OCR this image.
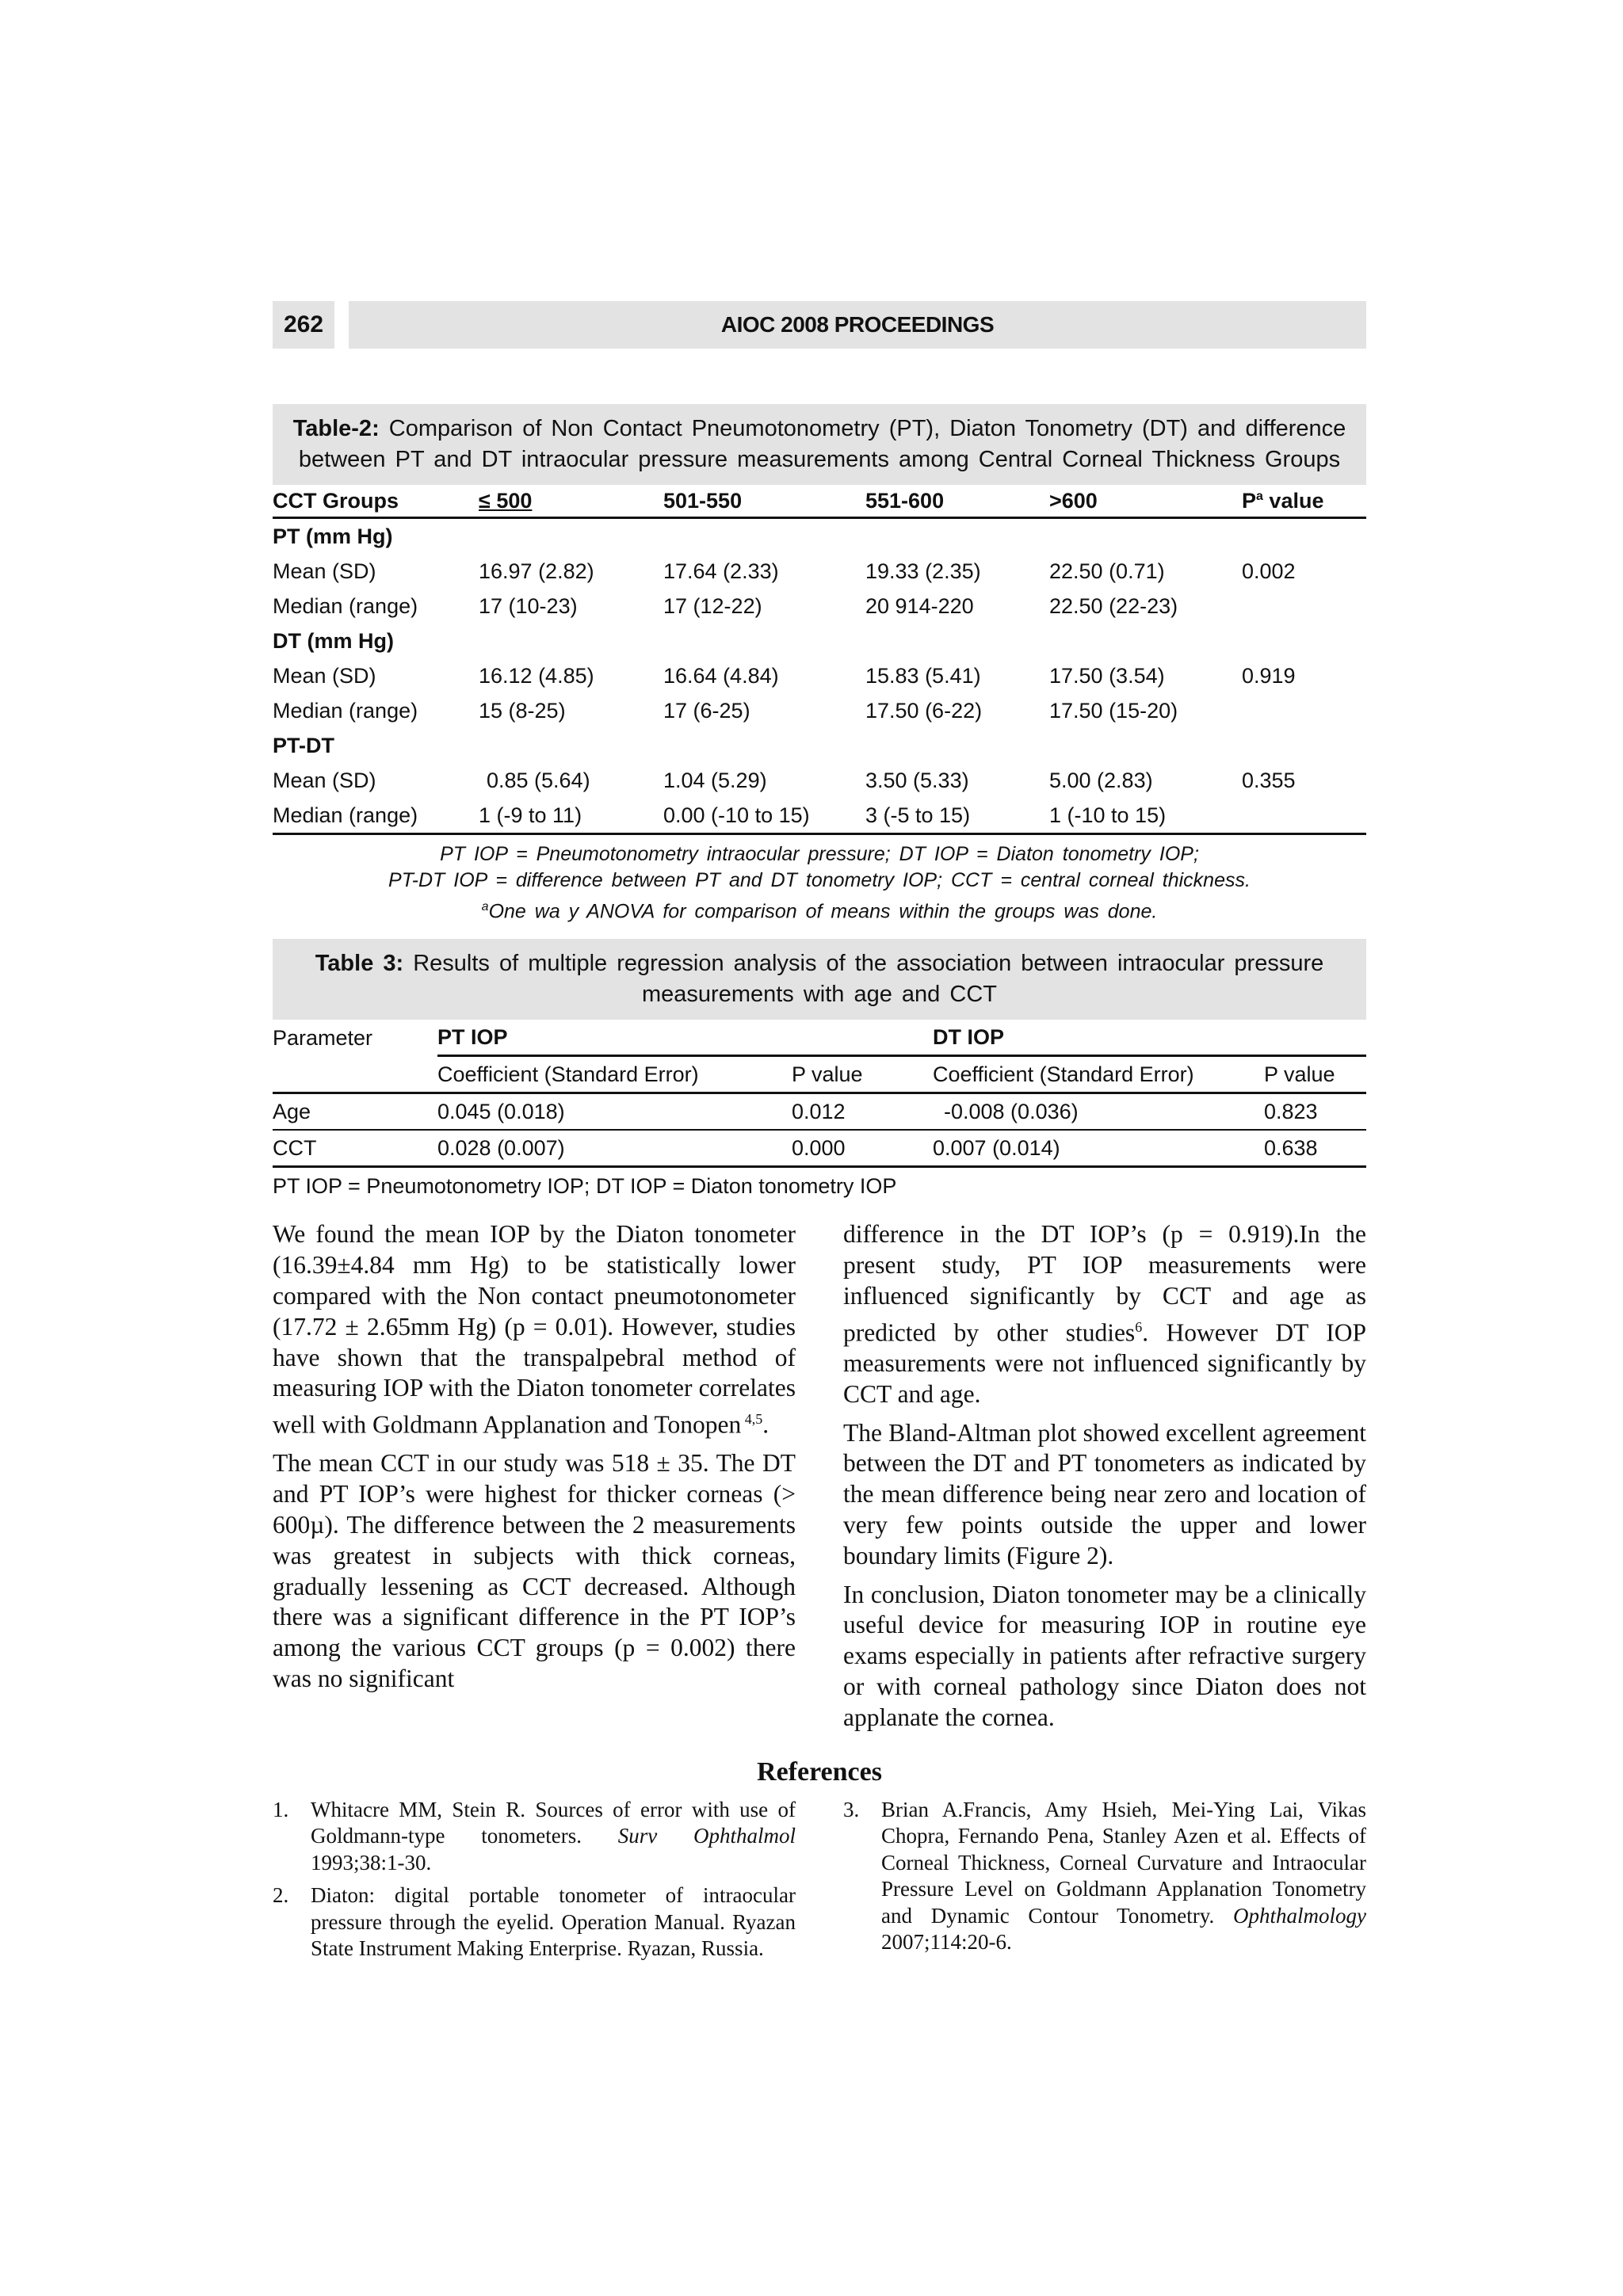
262	AIOC 2008 PROCEEDINGS
Table-2: Comparison of Non Contact Pneumotonometry (PT), Diaton Tonometry (DT) and difference between PT and DT intraocular pressure measurements among Central Corneal Thickness Groups
CCT Groups	≤ 500	501-550	551-600	>600	$P^a$ value
PT (mm Hg)					
Mean (SD)	16.97 (2.82)	17.64 (2.33)	19.33 (2.35)	22.50 (0.71)	0.002
Median (range)	17 (10-23)	17 (12-22)	20 914-220	22.50 (22-23)	
DT (mm Hg)					
Mean (SD)	16.12 (4.85)	16.64 (4.84)	15.83 (5.41)	17.50 (3.54)	0.919
Median (range)	15 (8-25)	17 (6-25)	17.50 (6-22)	17.50 (15-20)	
PT-DT					
Mean (SD)	0.85 (5.64)	1.04 (5.29)	3.50 (5.33)	5.00 (2.83)	0.355
Median (range)	1 (-9 to 11)	0.00 (-10 to 15)	3 (-5 to 15)	1 (-10 to 15)	
PT IOP = Pneumotonometry intraocular pressure; DT IOP = Diaton tonometry IOP;
PT-DT IOP = difference between PT and DT tonometry IOP; CCT = central corneal thickness.
$^a$One wa y ANOVA for comparison of means within the groups was done.
Table 3: Results of multiple regression analysis of the association between intraocular pressure measurements with age and CCT
Parameter	PT IOP		DT IOP	
	Coefficient (Standard Error)	P value	Coefficient (Standard Error)	P value
Age	0.045 (0.018)	0.012	-0.008 (0.036)	0.823
CCT	0.028 (0.007)	0.000	0.007 (0.014)	0.638
PT IOP = Pneumotonometry IOP; DT IOP = Diaton tonometry IOP

We found the mean IOP by the Diaton tonometer (16.39±4.84 mm Hg) to be statistically lower compared with the Non contact pneumotonometer (17.72 ± 2.65mm Hg) (p = 0.01). However, studies have shown that the transpalpebral method of measuring IOP with the Diaton tonometer correlates well with Goldmann Applanation and Tonopen $^{4,5}$.

The mean CCT in our study was 518 ± 35. The DT and PT IOP’s were highest for thicker corneas (> 600µ). The difference between the 2 measurements was greatest in subjects with thick corneas, gradually lessening as CCT decreased. Although there was a significant difference in the PT IOP’s among the various CCT groups (p = 0.002) there was no significant

difference in the DT IOP’s (p = 0.919).In the present study, PT IOP measurements were influenced significantly by CCT and age as predicted by other studies$^6$. However DT IOP measurements were not influenced significantly by CCT and age.

The Bland-Altman plot showed excellent agreement between the DT and PT tonometers as indicated by the mean difference being near zero and location of very few points outside the upper and lower boundary limits (Figure 2).

In conclusion, Diaton tonometer may be a clinically useful device for measuring IOP in routine eye exams especially in patients after refractive surgery or with corneal pathology since Diaton does not applanate the cornea.

References
1.	Whitacre MM, Stein R. Sources of error with use of Goldmann-type tonometers. Surv Ophthalmol 1993;38:1-30.
2.	Diaton: digital portable tonometer of intraocular pressure through the eyelid. Operation Manual. Ryazan State Instrument Making Enterprise. Ryazan, Russia.
3.	Brian A.Francis, Amy Hsieh, Mei-Ying Lai, Vikas Chopra, Fernando Pena, Stanley Azen et al. Effects of Corneal Thickness, Corneal Curvature and Intraocular Pressure Level on Goldmann Applanation Tonometry and Dynamic Contour Tonometry. Ophthalmology 2007;114:20-6.
